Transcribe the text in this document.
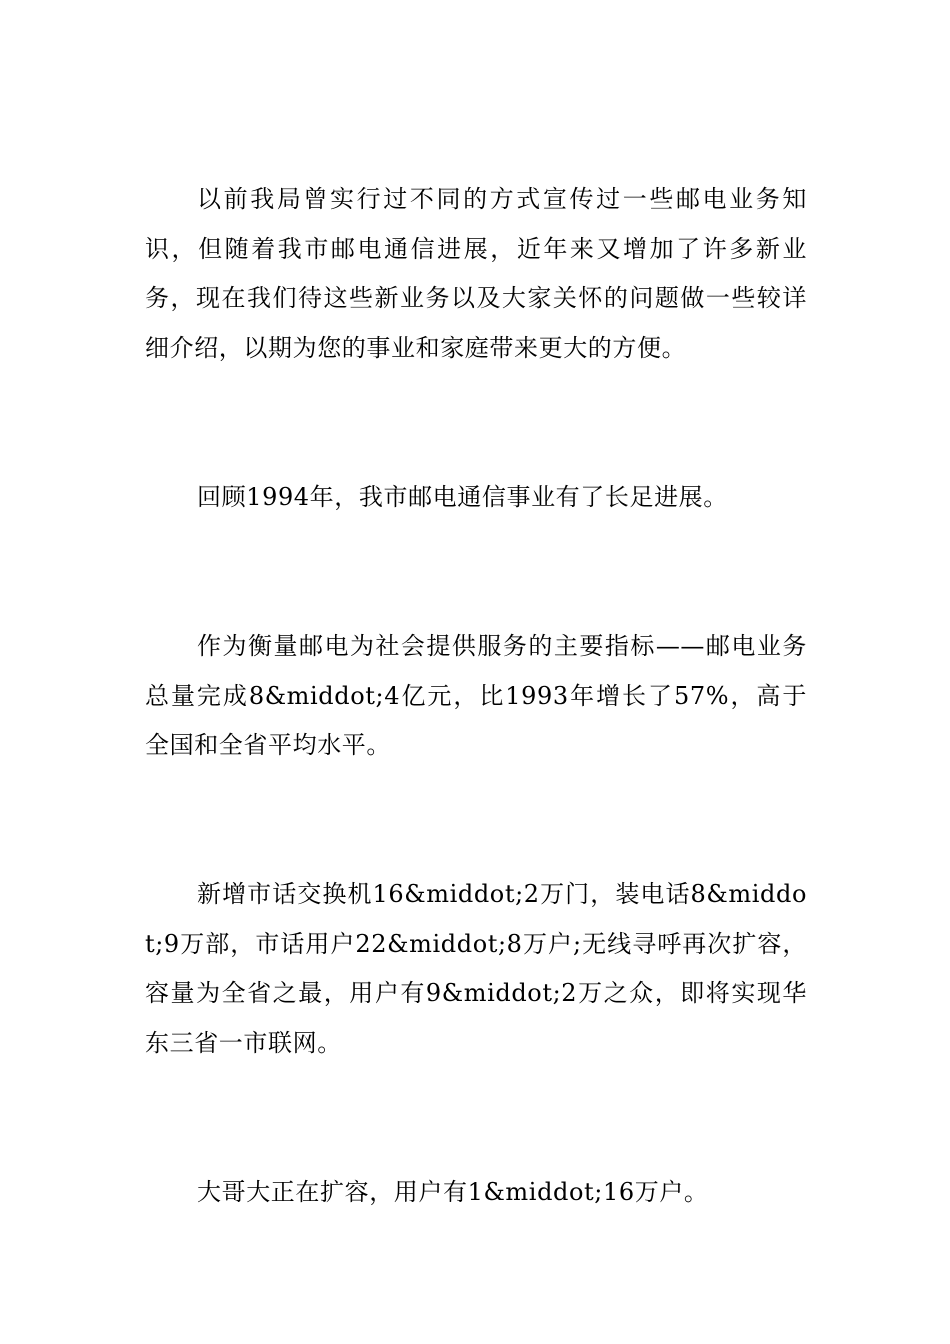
以前我局曾实行过不同的方式宣传过一些邮电业务知识，但随着我市邮电通信进展，近年来又增加了许多新业务，现在我们待这些新业务以及大家关怀的问题做一些较详细介绍，以期为您的事业和家庭带来更大的方便。

回顾1994年，我市邮电通信事业有了长足进展。

作为衡量邮电为社会提供服务的主要指标——邮电业务总量完成8&middot;4亿元，比1993年增长了57%，高于全国和全省平均水平。

新增市话交换机16&middot;2万门，装电话8&middot;9万部，市话用户22&middot;8万户;无线寻呼再次扩容，容量为全省之最，用户有9&middot;2万之众，即将实现华东三省一市联网。

大哥大正在扩容，用户有1&middot;16万户。
